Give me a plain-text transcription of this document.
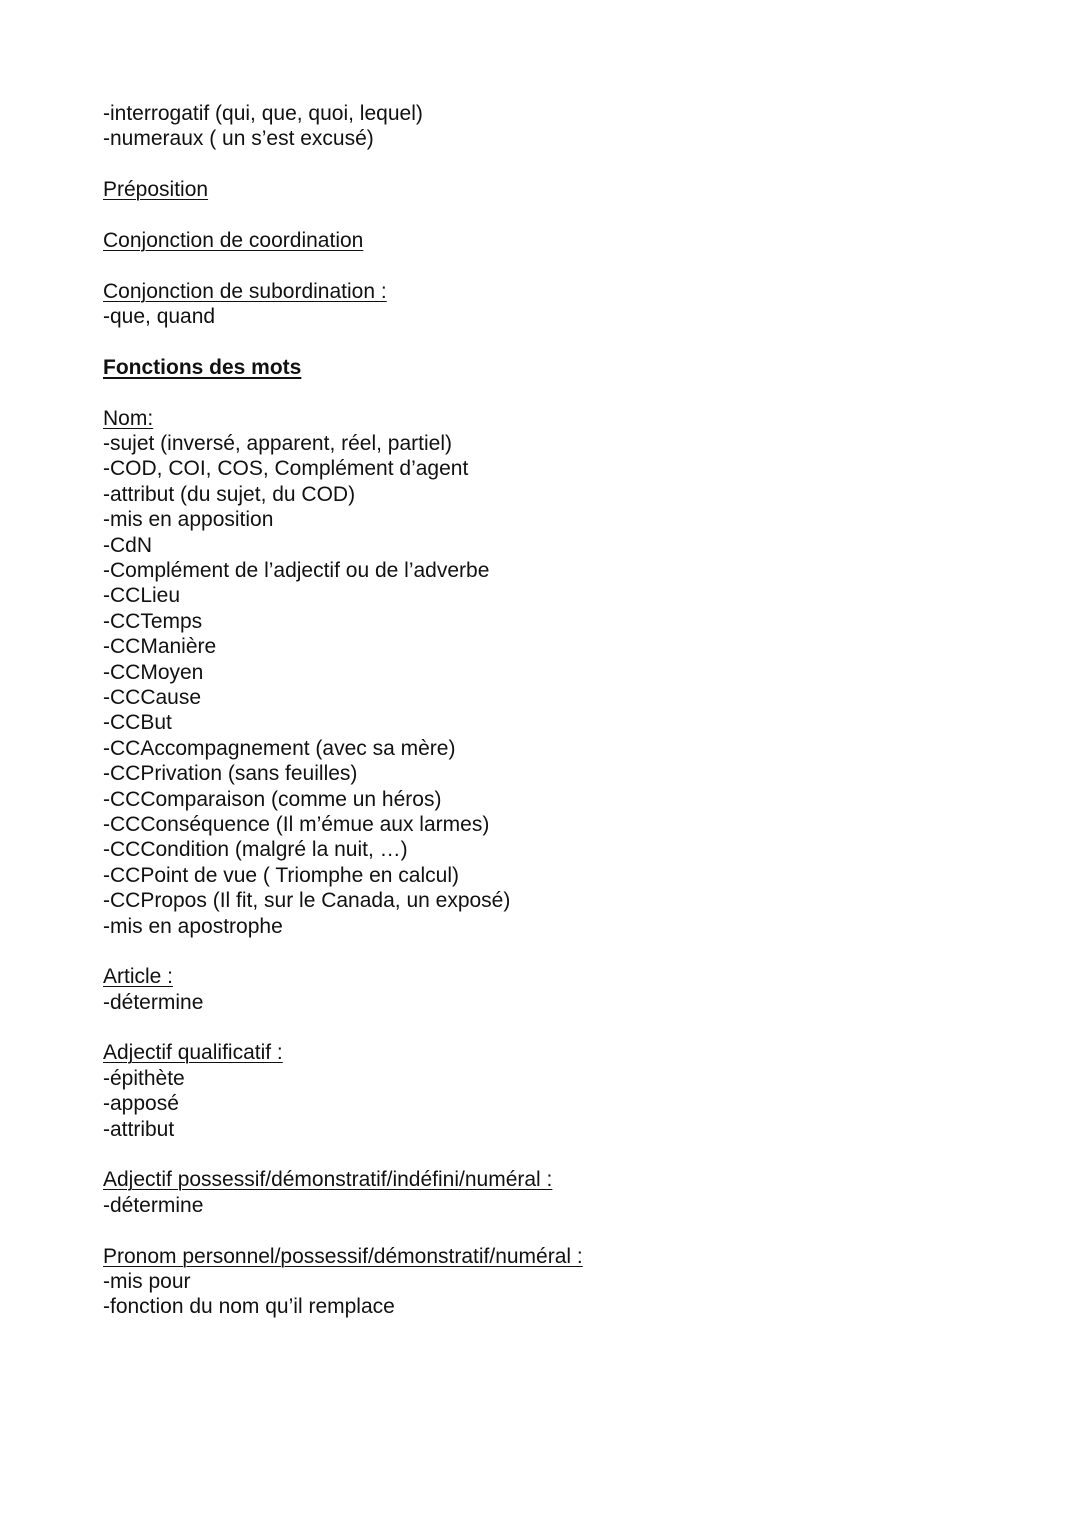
-interrogatif (qui, que, quoi, lequel)
-numeraux ( un s’est excusé)
Préposition
Conjonction de coordination
Conjonction de subordination :
-que, quand
Fonctions des mots
Nom:
-sujet (inversé, apparent, réel, partiel)
-COD, COI, COS, Complément d’agent
-attribut (du sujet, du COD)
-mis en apposition
-CdN
-Complément de l’adjectif ou de l’adverbe
-CCLieu
-CCTemps
-CCManière
-CCMoyen
-CCCause
-CCBut
-CCAccompagnement (avec sa mère)
-CCPrivation (sans feuilles)
-CCComparaison (comme un héros)
-CCConséquence (Il m’émue aux larmes)
-CCCondition (malgré la nuit, …)
-CCPoint de vue ( Triomphe en calcul)
-CCPropos (Il fit, sur le Canada, un exposé)
-mis en apostrophe
Article :
-détermine
Adjectif qualificatif :
-épithète
-apposé
-attribut
Adjectif possessif/démonstratif/indéfini/numéral :
-détermine
Pronom personnel/possessif/démonstratif/numéral :
-mis pour
-fonction du nom qu’il remplace
